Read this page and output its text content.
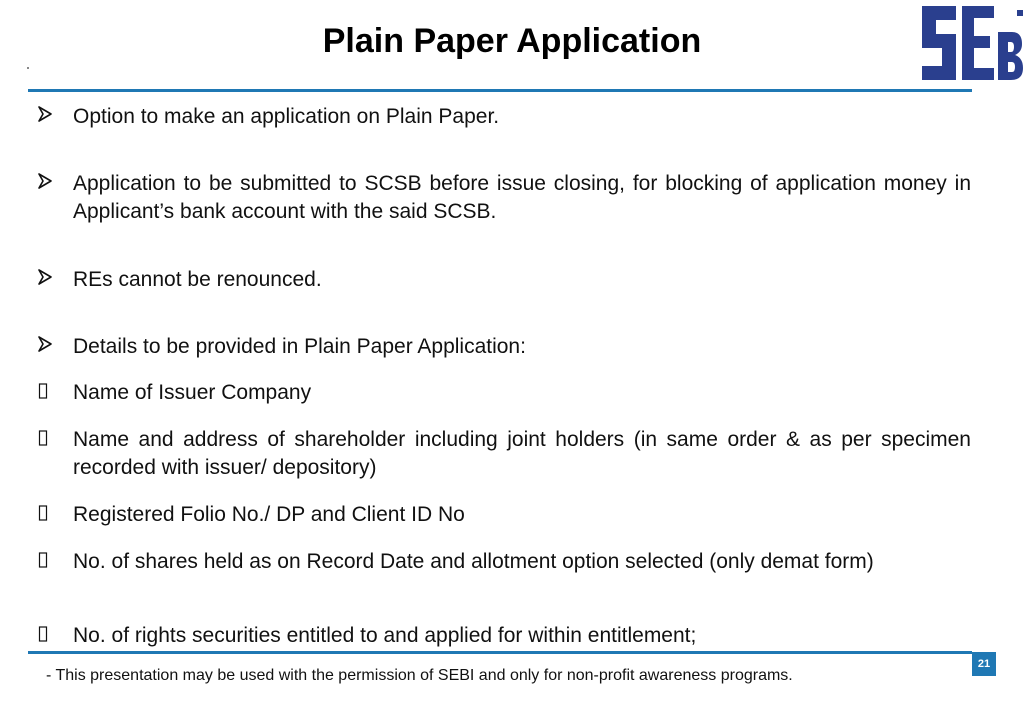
Plain Paper Application
Option to make an application on Plain Paper.
Application to be submitted to SCSB before issue closing, for blocking of application money in Applicant’s bank account with the said SCSB.
REs cannot be renounced.
Details to be provided in Plain Paper Application:
Name of Issuer Company
Name and address of shareholder including joint holders (in same order & as per specimen recorded with issuer/ depository)
Registered Folio No./ DP and Client ID No
No. of shares held as on Record Date and allotment option selected (only demat form)
No. of rights securities entitled to and applied for within entitlement;
21
- This presentation may be used with the permission of SEBI and only for non-profit awareness programs.
